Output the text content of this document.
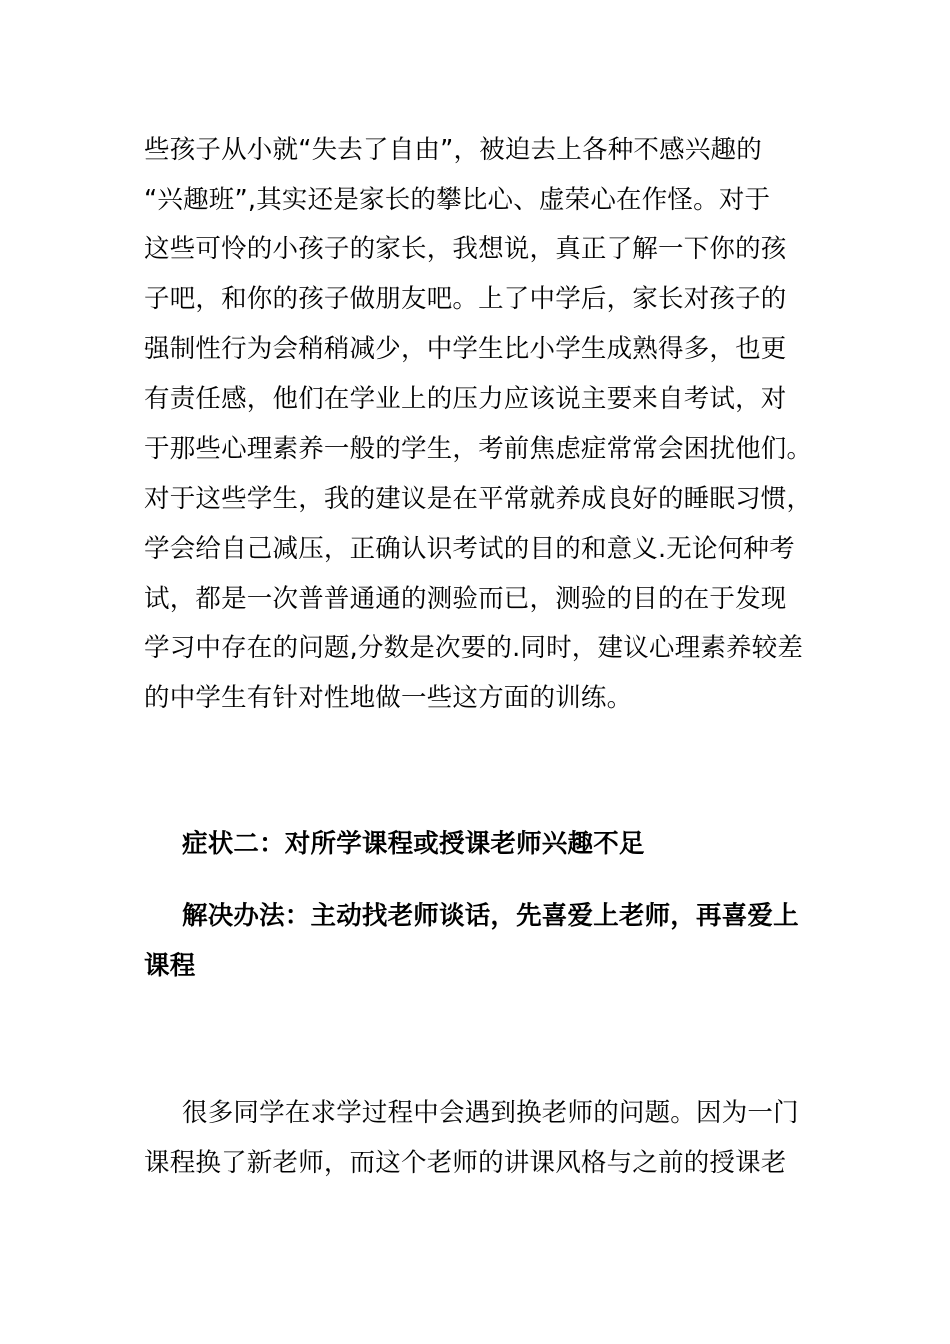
些孩子从小就“失去了自由”，被迫去上各种不感兴趣的
“兴趣班”,其实还是家长的攀比心、虚荣心在作怪。对于
这些可怜的小孩子的家长，我想说，真正了解一下你的孩
子吧，和你的孩子做朋友吧。上了中学后，家长对孩子的
强制性行为会稍稍减少，中学生比小学生成熟得多，也更
有责任感，他们在学业上的压力应该说主要来自考试，对
于那些心理素养一般的学生，考前焦虑症常常会困扰他们。
对于这些学生，我的建议是在平常就养成良好的睡眠习惯，
学会给自己减压，正确认识考试的目的和意义.无论何种考
试，都是一次普普通通的测验而已，测验的目的在于发现
学习中存在的问题,分数是次要的.同时，建议心理素养较差
的中学生有针对性地做一些这方面的训练。
症状二：对所学课程或授课老师兴趣不足
解决办法：主动找老师谈话，先喜爱上老师，再喜爱上
课程
很多同学在求学过程中会遇到换老师的问题。因为一门
课程换了新老师，而这个老师的讲课风格与之前的授课老
